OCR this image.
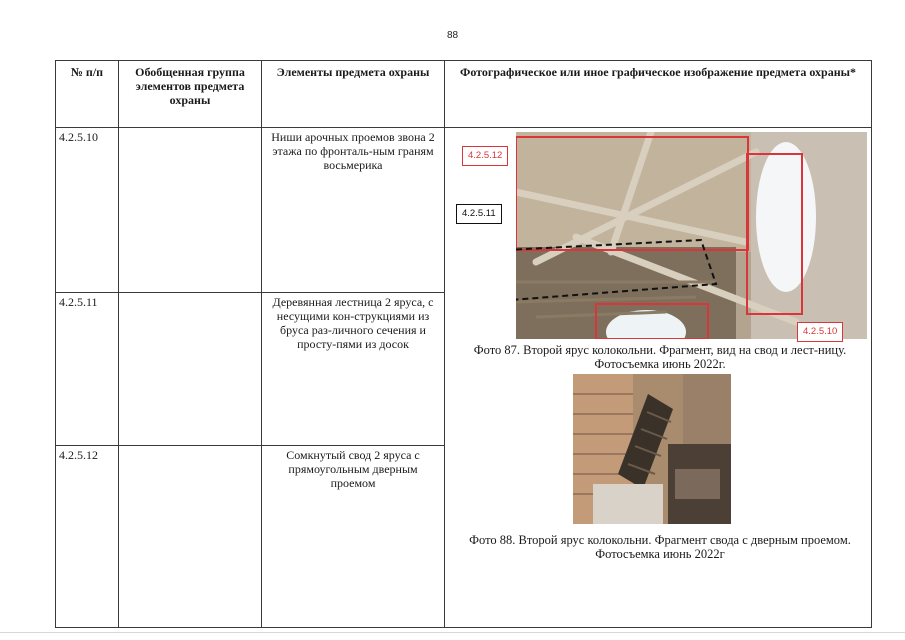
88
№ п/п	Обобщенная группа элементов предмета охраны	Элементы предмета охраны	Фотографическое или иное графическое изображение предмета охраны*
4.2.5.10		Ниши арочных проемов звона 2 этажа по фронталь-ным граням восьмерика	4.2.5.12
4.2.5.11
4.2.5.10
Фото 87. Второй ярус колокольни. Фрагмент, вид на свод и лест-ницу. Фотосъемка июнь 2022г.
Фото 88. Второй ярус колокольни. Фрагмент свода с дверным проемом. Фотосъемка июнь 2022г

4.2.5.11		Деревянная лестница 2 яруса, с несущими кон-струкциями из бруса раз-личного сечения и просту-пями из досок	
4.2.5.12		Сомкнутый свод 2 яруса с прямоугольным дверным проемом	
